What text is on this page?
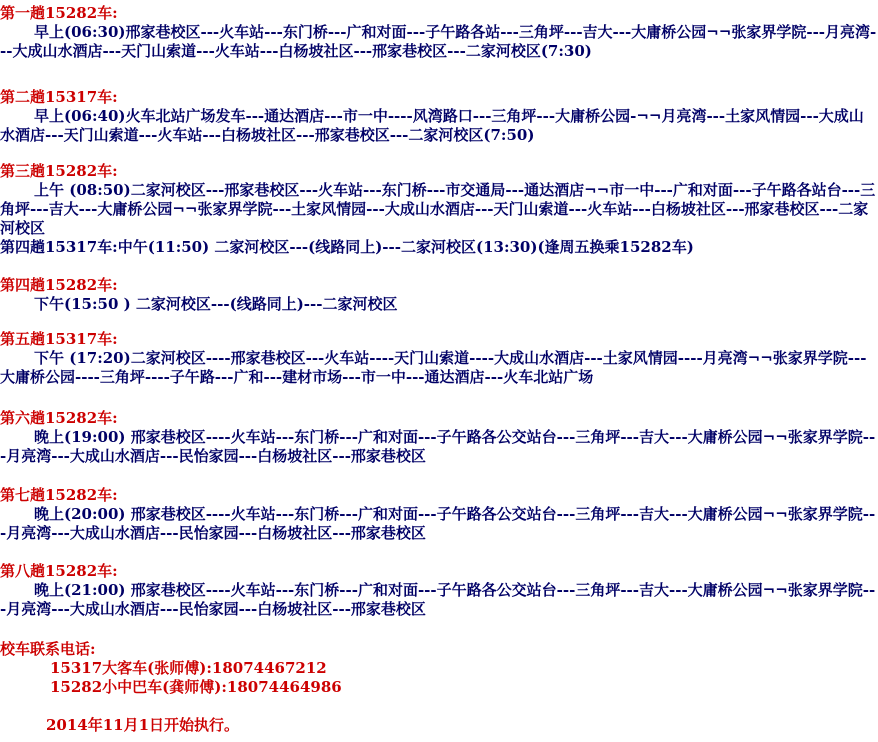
第一趟15282车:
早上(06:30)邢家巷校区---火车站---东门桥---广和对面---子午路各站---三角坪---吉大---大庸桥公园¬¬张家界学院---月亮湾---大成山水酒店---天门山索道---火车站---白杨坡社区---邢家巷校区---二家河校区(7:30)
第二趟15317车:
早上(06:40)火车北站广场发车---通达酒店---市一中----风湾路口---三角坪---大庸桥公园-¬¬月亮湾---土家风情园---大成山水酒店---天门山索道---火车站---白杨坡社区---邢家巷校区---二家河校区(7:50)
第三趟15282车:
上午 (08:50)二家河校区---邢家巷校区---火车站---东门桥---市交通局---通达酒店¬¬市一中---广和对面---子午路各站台---三角坪---吉大---大庸桥公园¬¬张家界学院---土家风情园---大成山水酒店---天门山索道---火车站---白杨坡社区---邢家巷校区---二家河校区
第四趟15317车:中午(11:50) 二家河校区---(线路同上)---二家河校区(13:30)(逢周五换乘15282车)
第四趟15282车:
下午(15:50 ) 二家河校区---(线路同上)---二家河校区
第五趟15317车:
下午 (17:20)二家河校区----邢家巷校区---火车站----天门山索道----大成山水酒店---土家风情园----月亮湾¬¬张家界学院---大庸桥公园----三角坪----子午路---广和---建材市场---市一中---通达酒店---火车北站广场
第六趟15282车:
晚上(19:00) 邢家巷校区----火车站---东门桥---广和对面---子午路各公交站台---三角坪---吉大---大庸桥公园¬¬张家界学院---月亮湾---大成山水酒店---民怡家园---白杨坡社区---邢家巷校区
第七趟15282车:
晚上(20:00) 邢家巷校区----火车站---东门桥---广和对面---子午路各公交站台---三角坪---吉大---大庸桥公园¬¬张家界学院---月亮湾---大成山水酒店---民怡家园---白杨坡社区---邢家巷校区
第八趟15282车:
晚上(21:00) 邢家巷校区----火车站---东门桥---广和对面---子午路各公交站台---三角坪---吉大---大庸桥公园¬¬张家界学院---月亮湾---大成山水酒店---民怡家园---白杨坡社区---邢家巷校区
校车联系电话:
15317大客车(张师傅):18074467212
15282小中巴车(龚师傅):18074464986
2014年11月1日开始执行。
